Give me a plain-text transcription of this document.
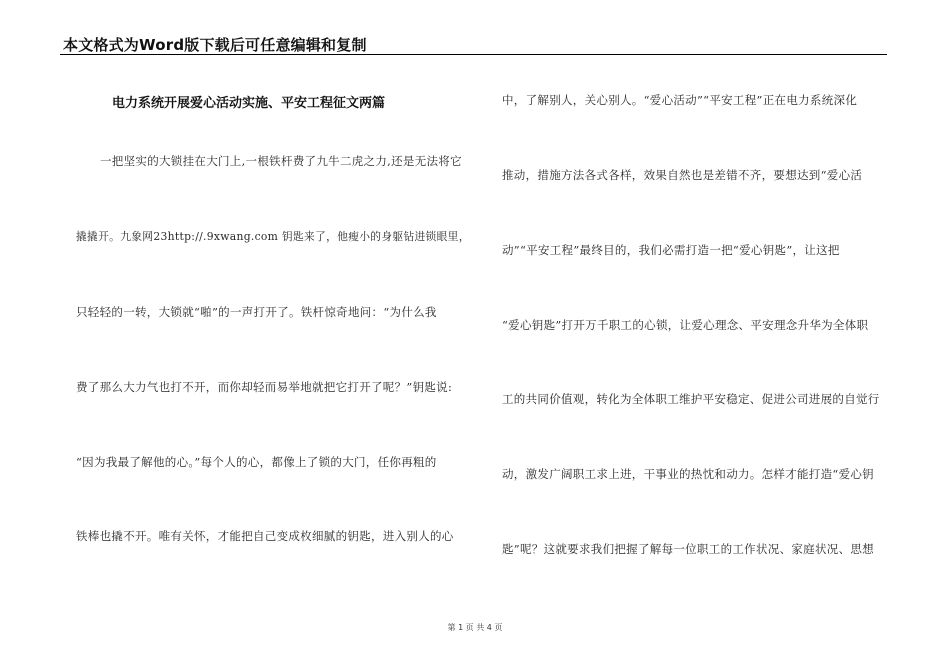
本文格式为Word版下载后可任意编辑和复制
电力系统开展爱心活动实施、平安工程征文两篇
一把坚实的大锁挂在大门上,一根铁杆费了九牛二虎之力,还是无法将它
撬撬开。九象网23http://.9xwang.com 钥匙来了，他瘦小的身躯钻进锁眼里，
只轻轻的一转，大锁就“啪”的一声打开了。铁杆惊奇地问：“为什么我
费了那么大力气也打不开，而你却轻而易举地就把它打开了呢？”钥匙说:
“因为我最了解他的心。”每个人的心，都像上了锁的大门，任你再粗的
铁棒也撬不开。唯有关怀，才能把自己变成枚细腻的钥匙，进入别人的心
中，了解别人，关心别人。“爱心活动”“平安工程”正在电力系统深化
推动，措施方法各式各样，效果自然也是差错不齐，要想达到“爱心活
动”“平安工程”最终目的，我们必需打造一把“爱心钥匙”，让这把
“爱心钥匙”打开万千职工的心锁，让爱心理念、平安理念升华为全体职
工的共同价值观，转化为全体职工维护平安稳定、促进公司进展的自觉行
动，激发广阔职工求上进，干事业的热忱和动力。怎样才能打造“爱心钥
匙”呢？这就要求我们把握了解每一位职工的工作状况、家庭状况、思想
第 1 页 共 4 页
